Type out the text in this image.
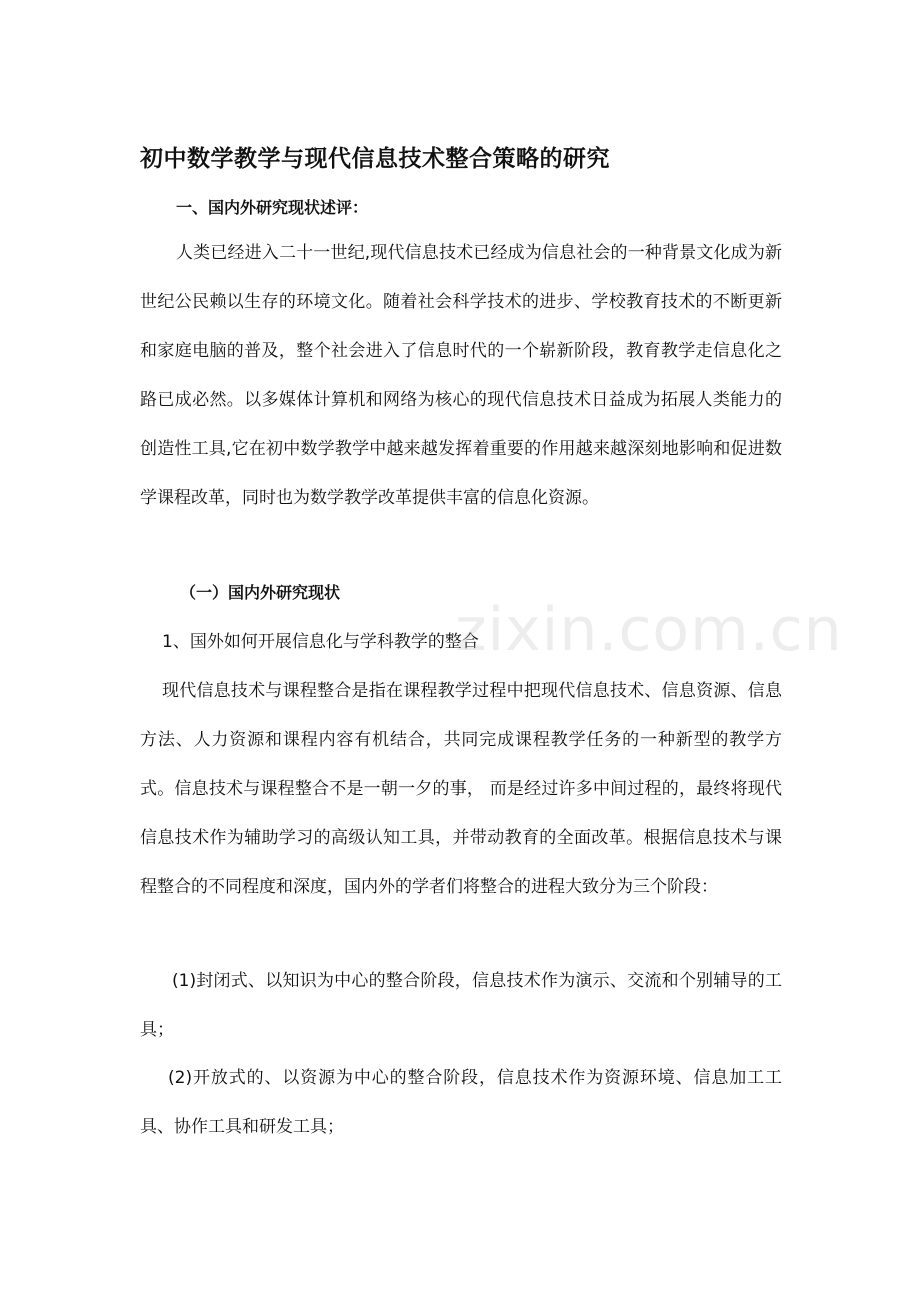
初中数学教学与现代信息技术整合策略的研究
一、国内外研究现状述评：

人类已经进入二十一世纪,现代信息技术已经成为信息社会的一种背景文化成为新世纪公民赖以生存的环境文化。随着社会科学技术的进步、学校教育技术的不断更新和家庭电脑的普及，整个社会进入了信息时代的一个崭新阶段，教育教学走信息化之路已成必然。以多媒体计算机和网络为核心的现代信息技术日益成为拓展人类能力的创造性工具,它在初中数学教学中越来越发挥着重要的作用越来越深刻地影响和促进数学课程改革，同时也为数学教学改革提供丰富的信息化资源。

（一）国内外研究现状

1、国外如何开展信息化与学科教学的整合

现代信息技术与课程整合是指在课程教学过程中把现代信息技术、信息资源、信息方法、人力资源和课程内容有机结合，共同完成课程教学任务的一种新型的教学方式。信息技术与课程整合不是一朝一夕的事， 而是经过许多中间过程的，最终将现代信息技术作为辅助学习的高级认知工具，并带动教育的全面改革。根据信息技术与课程整合的不同程度和深度，国内外的学者们将整合的进程大致分为三个阶段：

(1)封闭式、以知识为中心的整合阶段，信息技术作为演示、交流和个别辅导的工具；

(2)开放式的、以资源为中心的整合阶段，信息技术作为资源环境、信息加工工具、协作工具和研发工具；

zixin.com.cn
